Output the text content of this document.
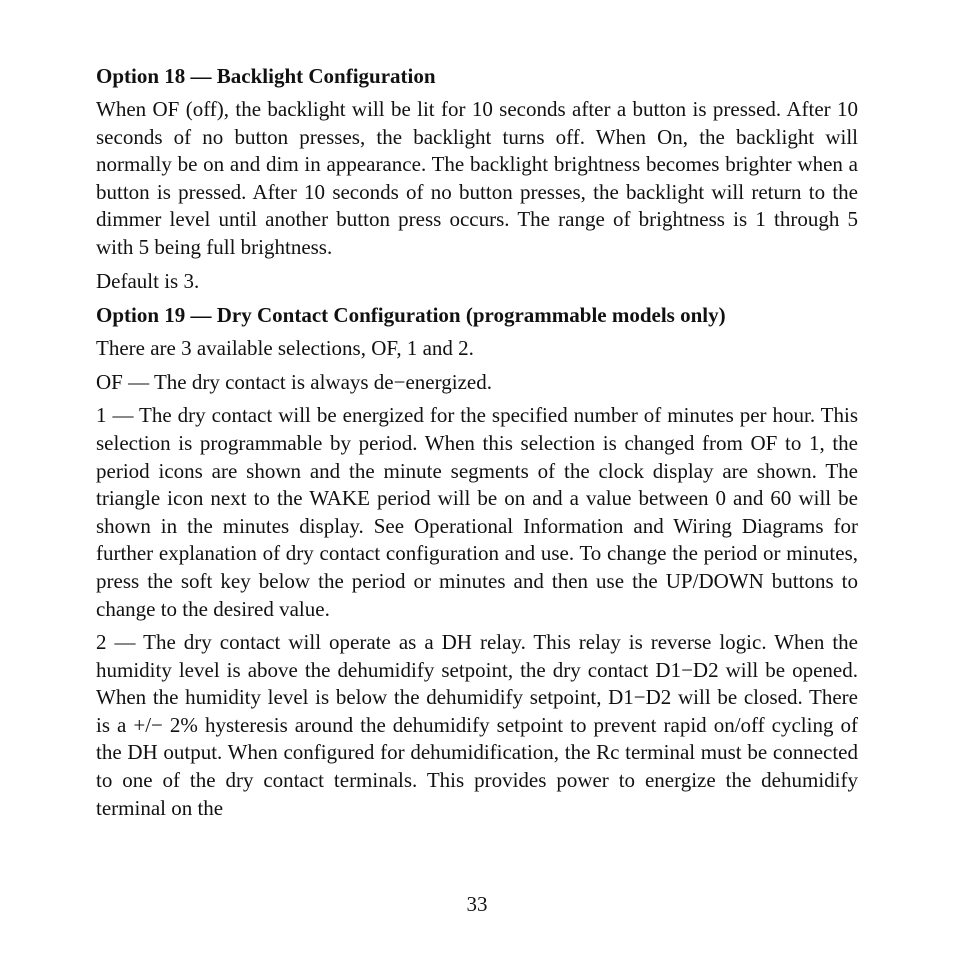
Option 18 — Backlight Configuration

When OF (off), the backlight will be lit for 10 seconds after a button is pressed. After 10 seconds of no button presses, the backlight turns off. When On, the backlight will normally be on and dim in appearance. The backlight brightness becomes brighter when a button is pressed. After 10 seconds of no button presses, the backlight will return to the dimmer level until another button press occurs. The range of brightness is 1 through 5 with 5 being full brightness.

Default is 3.

Option 19 — Dry Contact Configuration (programmable models only)

There are 3 available selections, OF, 1 and 2.

OF — The dry contact is always de−energized.

1 — The dry contact will be energized for the specified number of minutes per hour. This selection is programmable by period. When this selection is changed from OF to 1, the period icons are shown and the minute segments of the clock display are shown. The triangle icon next to the WAKE period will be on and a value between 0 and 60 will be shown in the minutes display. See Operational Information and Wiring Diagrams for further explanation of dry contact configuration and use. To change the period or minutes, press the soft key below the period or minutes and then use the UP/DOWN buttons to change to the desired value.

2 — The dry contact will operate as a DH relay. This relay is reverse logic. When the humidity level is above the dehumidify setpoint, the dry contact D1−D2 will be opened. When the humidity level is below the dehumidify setpoint, D1−D2 will be closed. There is a +/− 2% hysteresis around the dehumidify setpoint to prevent rapid on/off cycling of the DH output. When configured for dehumidification, the Rc terminal must be connected to one of the dry contact terminals. This provides power to energize the dehumidify terminal on the

33
